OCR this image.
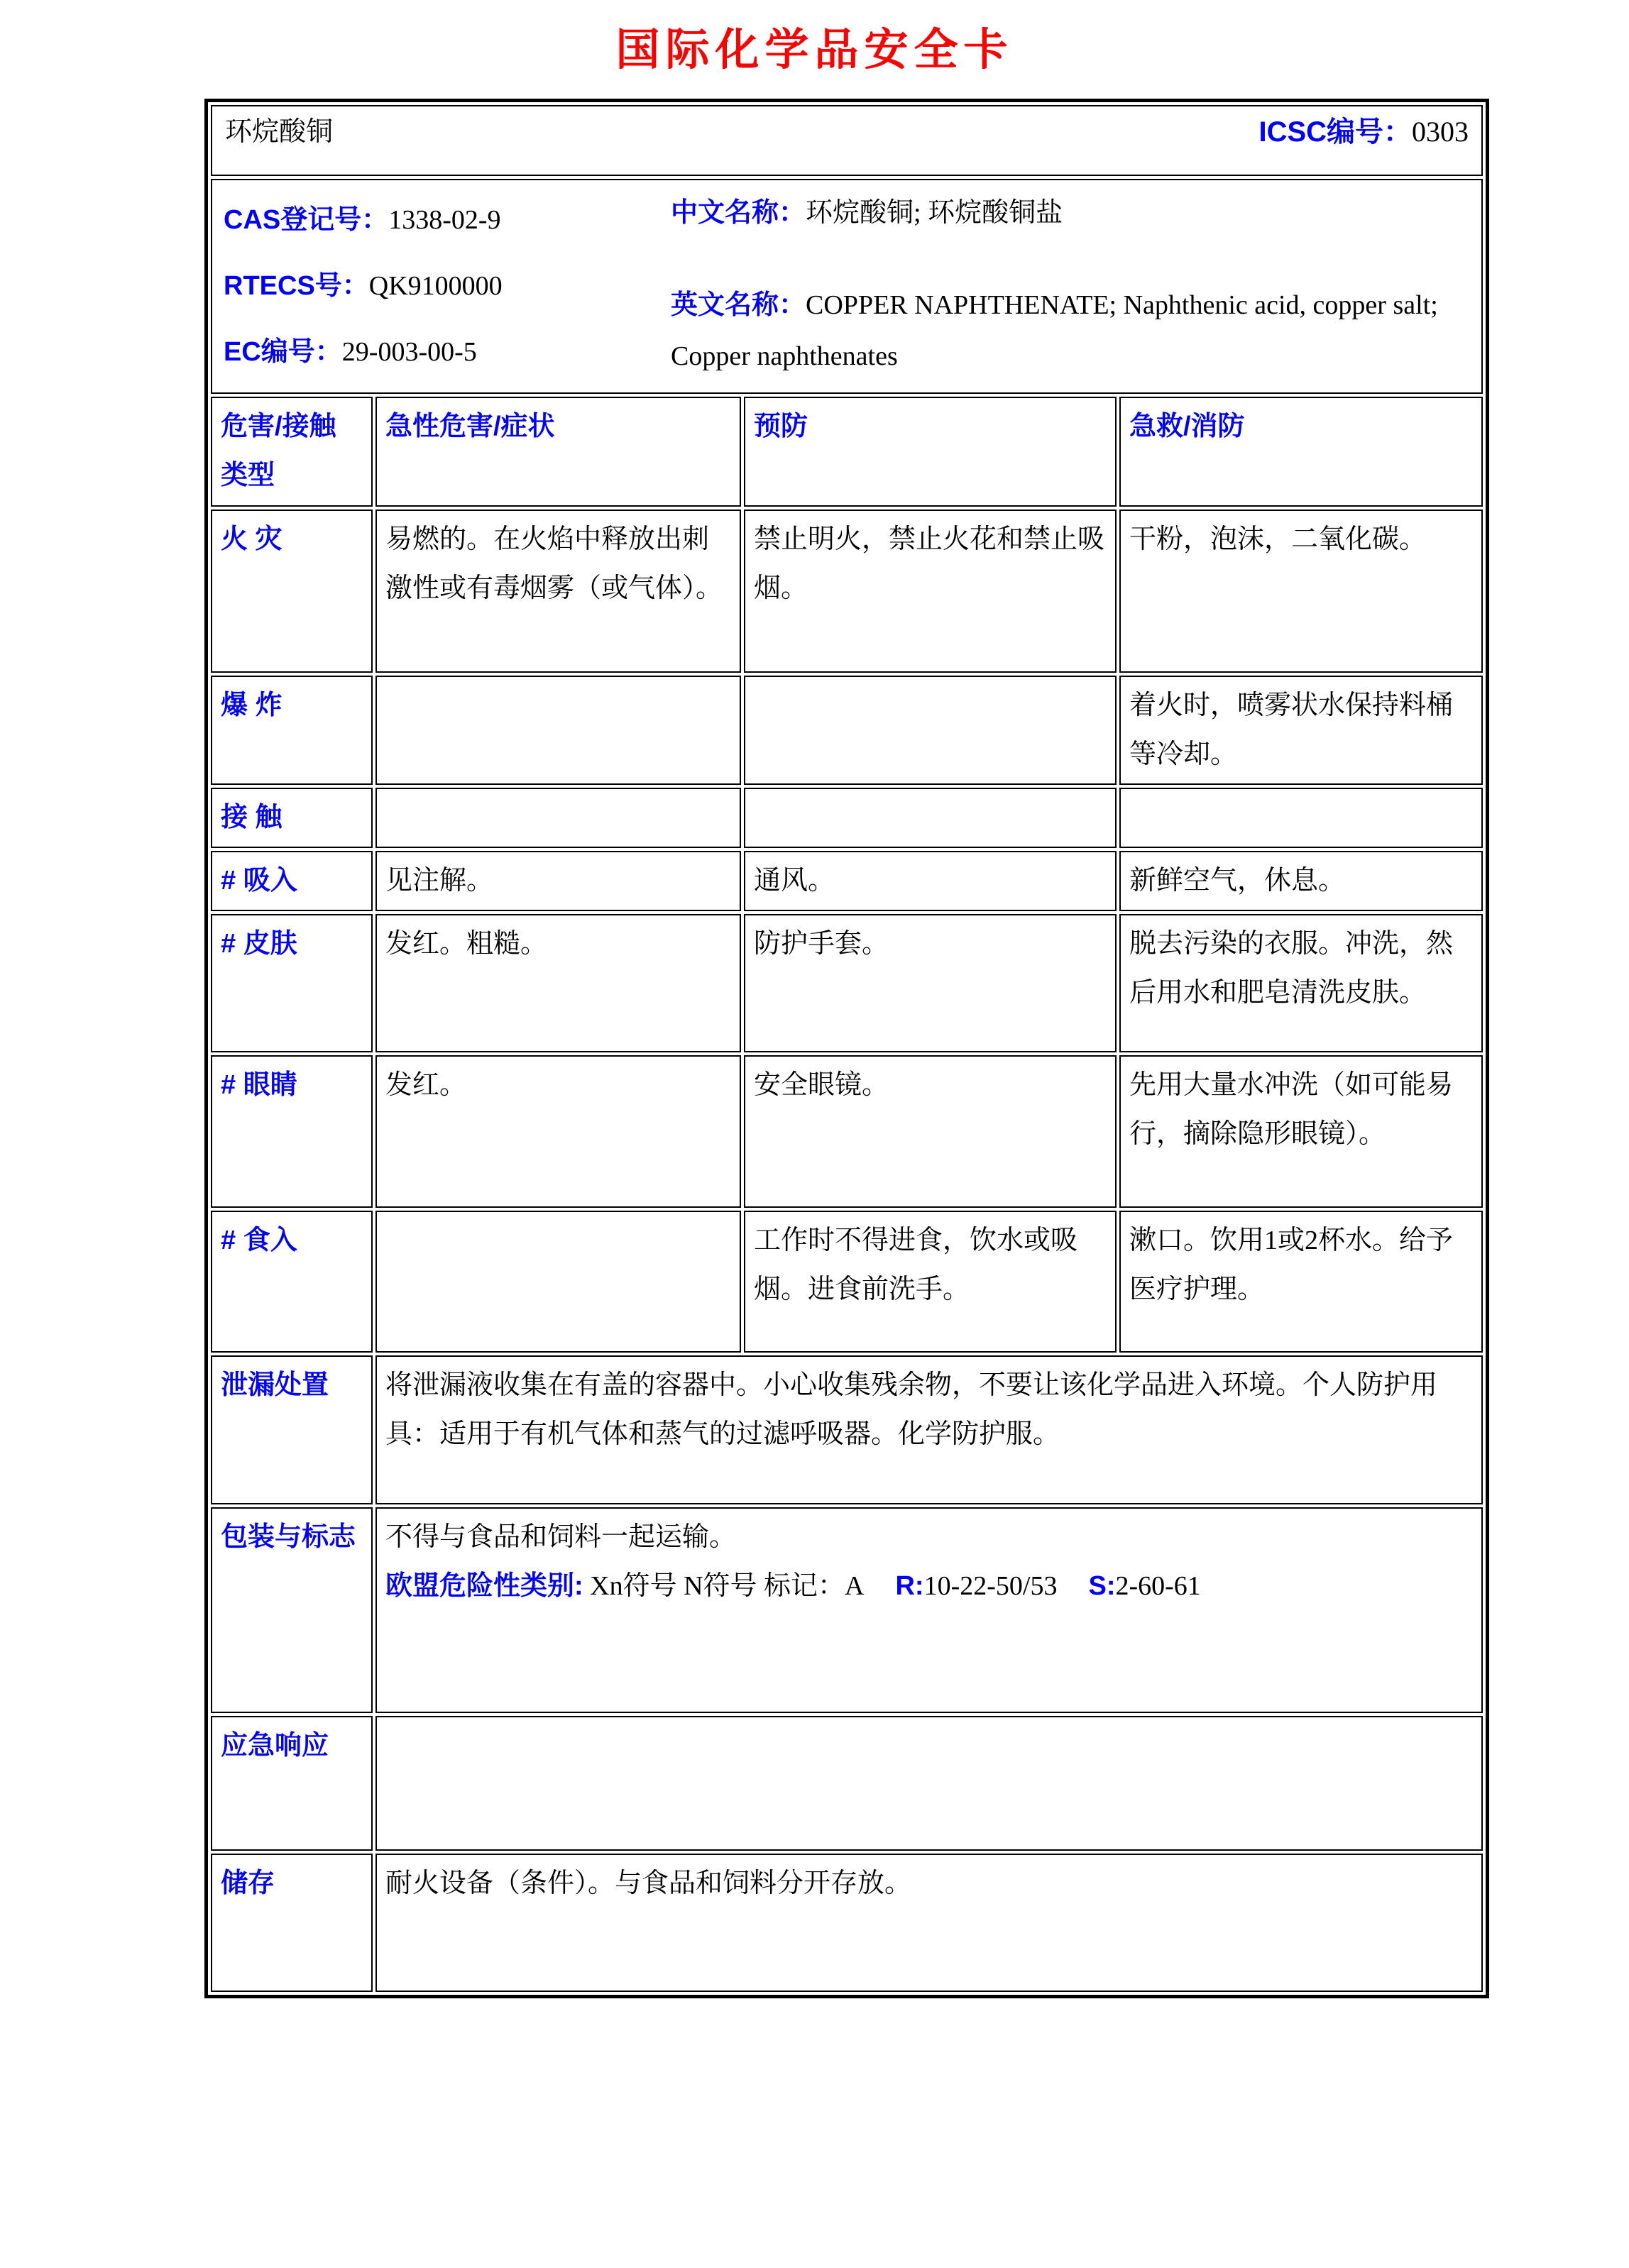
国际化学品安全卡
环烷酸铜 ICSC编号：0303			

CAS登记号：1338-02-9
RTECS号：QK9100000
EC编号：29-003-00-5
中文名称：环烷酸铜; 环烷酸铜盐
英文名称：COPPER NAPHTHENATE; Naphthenic acid, copper salt; Copper naphthenates			

危害/接触
类型	急性危害/症状	预防	急救/消防
火 灾	易燃的。在火焰中释放出刺激性或有毒烟雾（或气体）。	禁止明火，禁止火花和禁止吸烟。	干粉，泡沫，二氧化碳。
爆 炸			着火时，喷雾状水保持料桶等冷却。
接 触			
# 吸入	见注解。	通风。	新鲜空气，休息。
# 皮肤	发红。粗糙。	防护手套。	脱去污染的衣服。冲洗，然后用水和肥皂清洗皮肤。
# 眼睛	发红。	安全眼镜。	先用大量水冲洗（如可能易行，摘除隐形眼镜）。
# 食入		工作时不得进食，饮水或吸烟。进食前洗手。	漱口。饮用1或2杯水。给予医疗护理。
泄漏处置	将泄漏液收集在有盖的容器中。小心收集残余物，不要让该化学品进入环境。个人防护用具：适用于有机气体和蒸气的过滤呼吸器。化学防护服。		
包装与标志	不得与食品和饲料一起运输。
欧盟危险性类别: Xn符号 N符号 标记：A R:10-22-50/53 S:2-60-61		
应急响应			
储存	耐火设备（条件）。与食品和饲料分开存放。		
